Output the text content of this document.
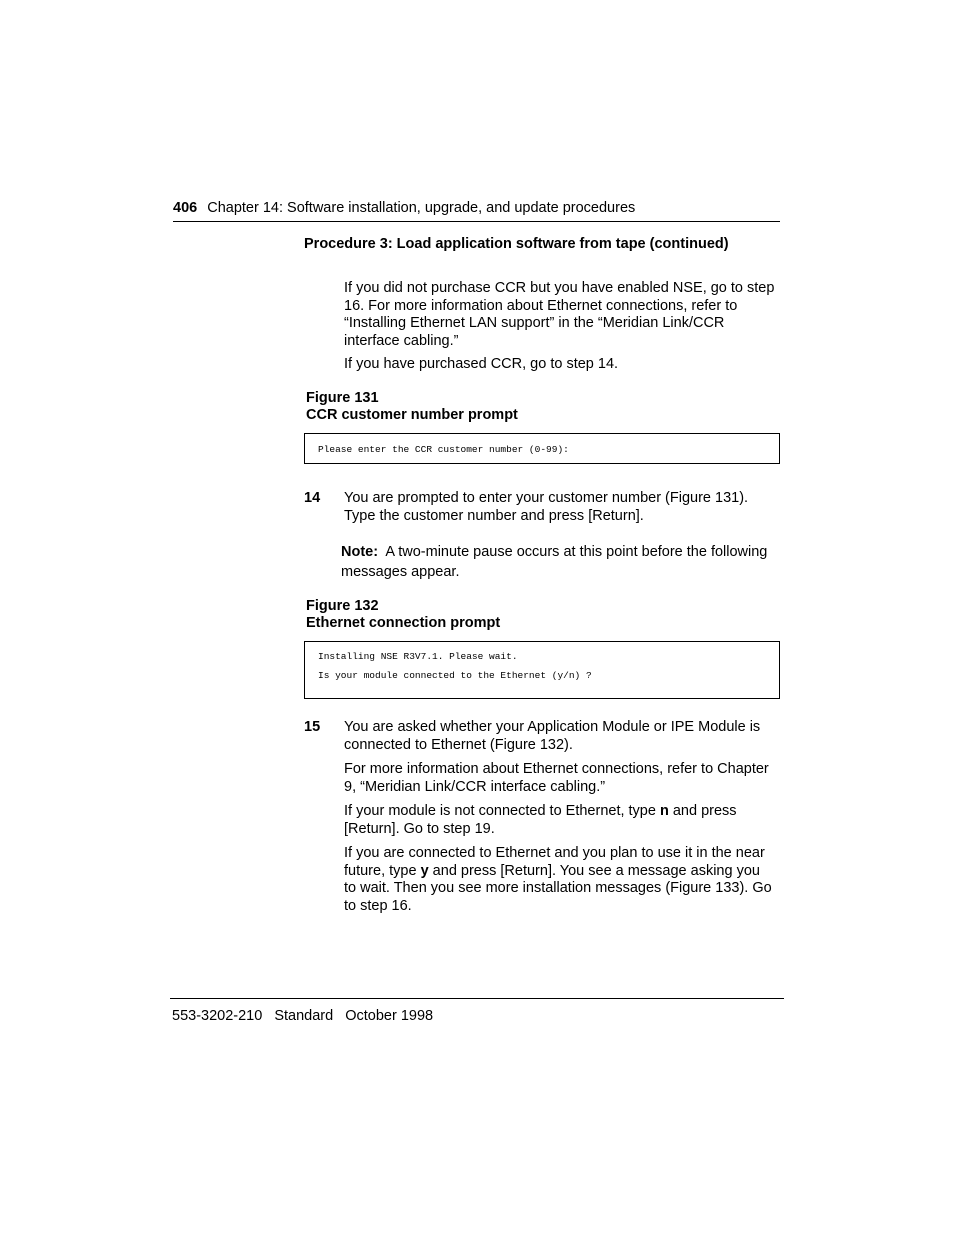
406 Chapter 14: Software installation, upgrade, and update procedures
Procedure 3: Load application software from tape (continued)

If you did not purchase CCR but you have enabled NSE, go to step 16. For more information about Ethernet connections, refer to “Installing Ethernet LAN support” in the “Meridian Link/CCR interface cabling.”

If you have purchased CCR, go to step 14.

Figure 131
CCR customer number prompt
Please enter the CCR customer number (0-99):
14 You are prompted to enter your customer number (Figure 131). Type the customer number and press [Return].

Note: A two-minute pause occurs at this point before the following messages appear.

Figure 132
Ethernet connection prompt
Installing NSE R3V7.1. Please wait.
Is your module connected to the Ethernet (y/n) ?
15 You are asked whether your Application Module or IPE Module is connected to Ethernet (Figure 132).

For more information about Ethernet connections, refer to Chapter 9, “Meridian Link/CCR interface cabling.”

If your module is not connected to Ethernet, type n and press [Return]. Go to step 19.

If you are connected to Ethernet and you plan to use it in the near future, type y and press [Return]. You see a message asking you to wait. Then you see more installation messages (Figure 133). Go to step 16.

553-3202-210 Standard October 1998
